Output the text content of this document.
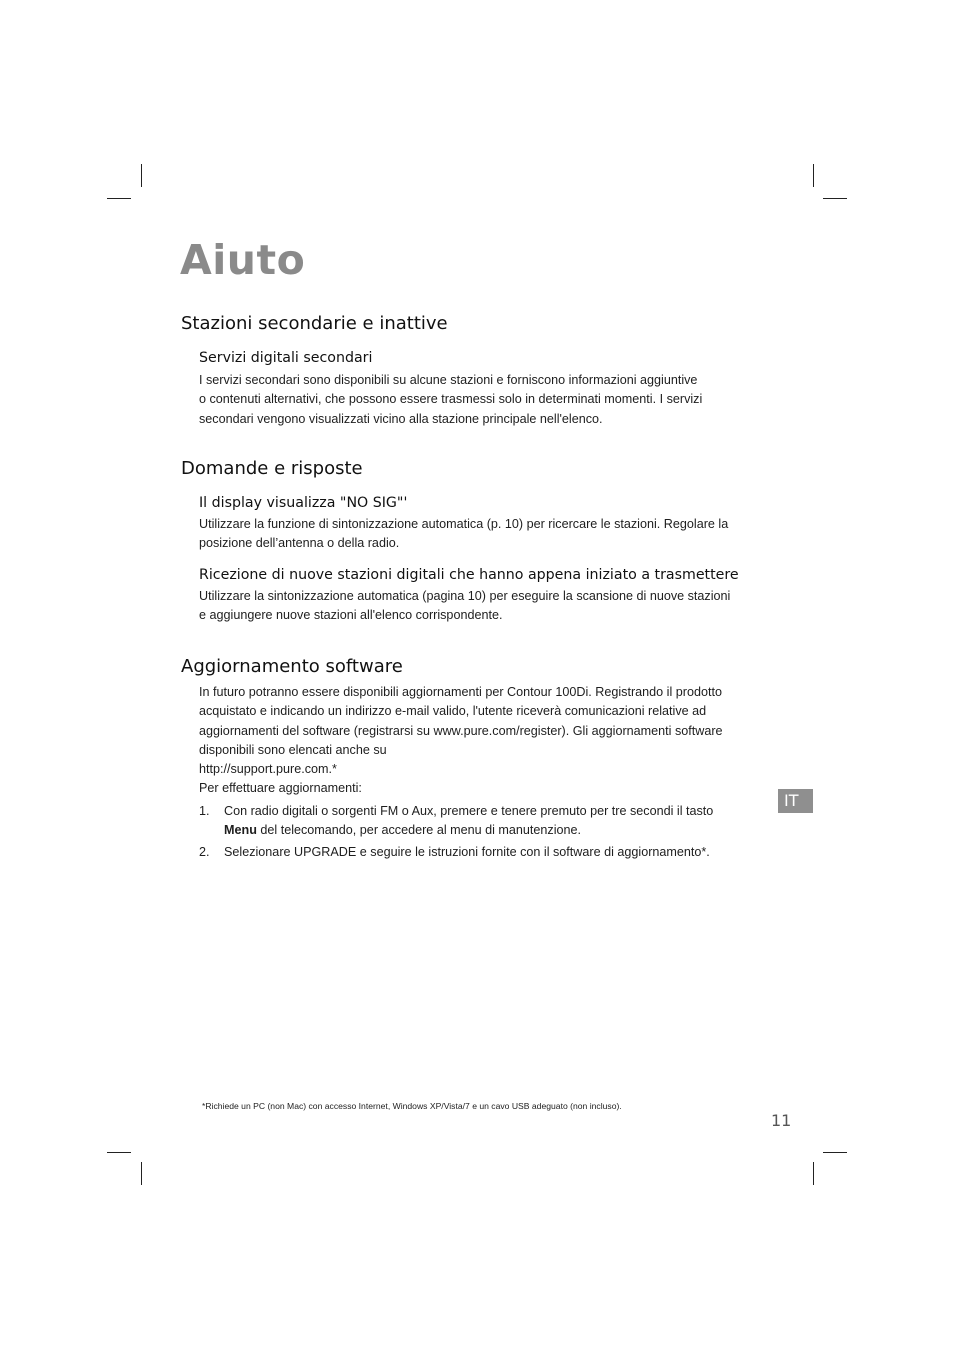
Aiuto
Stazioni secondarie e inattive
Servizi digitali secondari

I servizi secondari sono disponibili su alcune stazioni e forniscono informazioni aggiuntive
o contenuti alternativi, che possono essere trasmessi solo in determinati momenti. I servizi
secondari vengono visualizzati vicino alla stazione principale nell'elenco.

Domande e risposte
Il display visualizza "NO SIG"'

Utilizzare la funzione di sintonizzazione automatica (p. 10) per ricercare le stazioni. Regolare la
posizione dell’antenna o della radio.

Ricezione di nuove stazioni digitali che hanno appena iniziato a trasmettere

Utilizzare la sintonizzazione automatica (pagina 10) per eseguire la scansione di nuove stazioni
e aggiungere nuove stazioni all'elenco corrispondente.

Aggiornamento software

In futuro potranno essere disponibili aggiornamenti per Contour 100Di. Registrando il prodotto
acquistato e indicando un indirizzo e-mail valido, l'utente riceverà comunicazioni relative ad
aggiornamenti del software (registrarsi su www.pure.com/register). Gli aggiornamenti software
disponibili sono elencati anche su
http://support.pure.com.*
Per effettuare aggiornamenti:

1. Con radio digitali o sorgenti FM o Aux, premere e tenere premuto per tre secondi il tasto
Menu del telecomando, per accedere al menu di manutenzione.
2. Selezionare UPGRADE e seguire le istruzioni fornite con il software di aggiornamento*.
IT
*Richiede un PC (non Mac) con accesso Internet, Windows XP/Vista/7 e un cavo USB adeguato (non incluso).
11
